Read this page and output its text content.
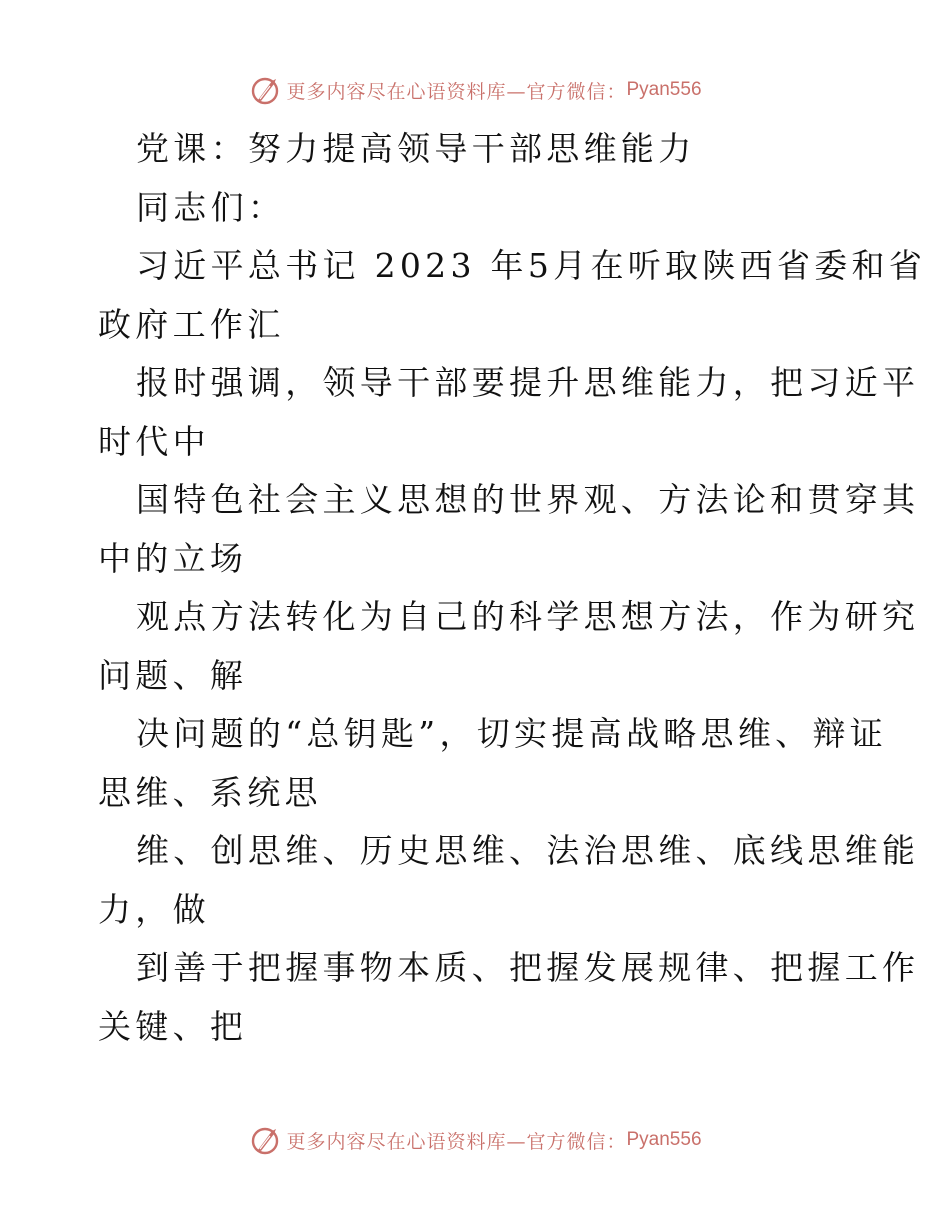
更多内容尽在心语资料库—官方微信： Pyan556
党课：努力提高领导干部思维能力
同志们：
习近平总书记 2023 年5月在听取陕西省委和省
政府工作汇
报时强调，领导干部要提升思维能力，把习近平
时代中
国特色社会主义思想的世界观、方法论和贯穿其
中的立场
观点方法转化为自己的科学思想方法，作为研究
问题、解
决问题的“总钥匙”，切实提高战略思维、辩证
思维、系统思
维、创思维、历史思维、法治思维、底线思维能
力，做
到善于把握事物本质、把握发展规律、把握工作
关键、把
更多内容尽在心语资料库—官方微信： Pyan556
